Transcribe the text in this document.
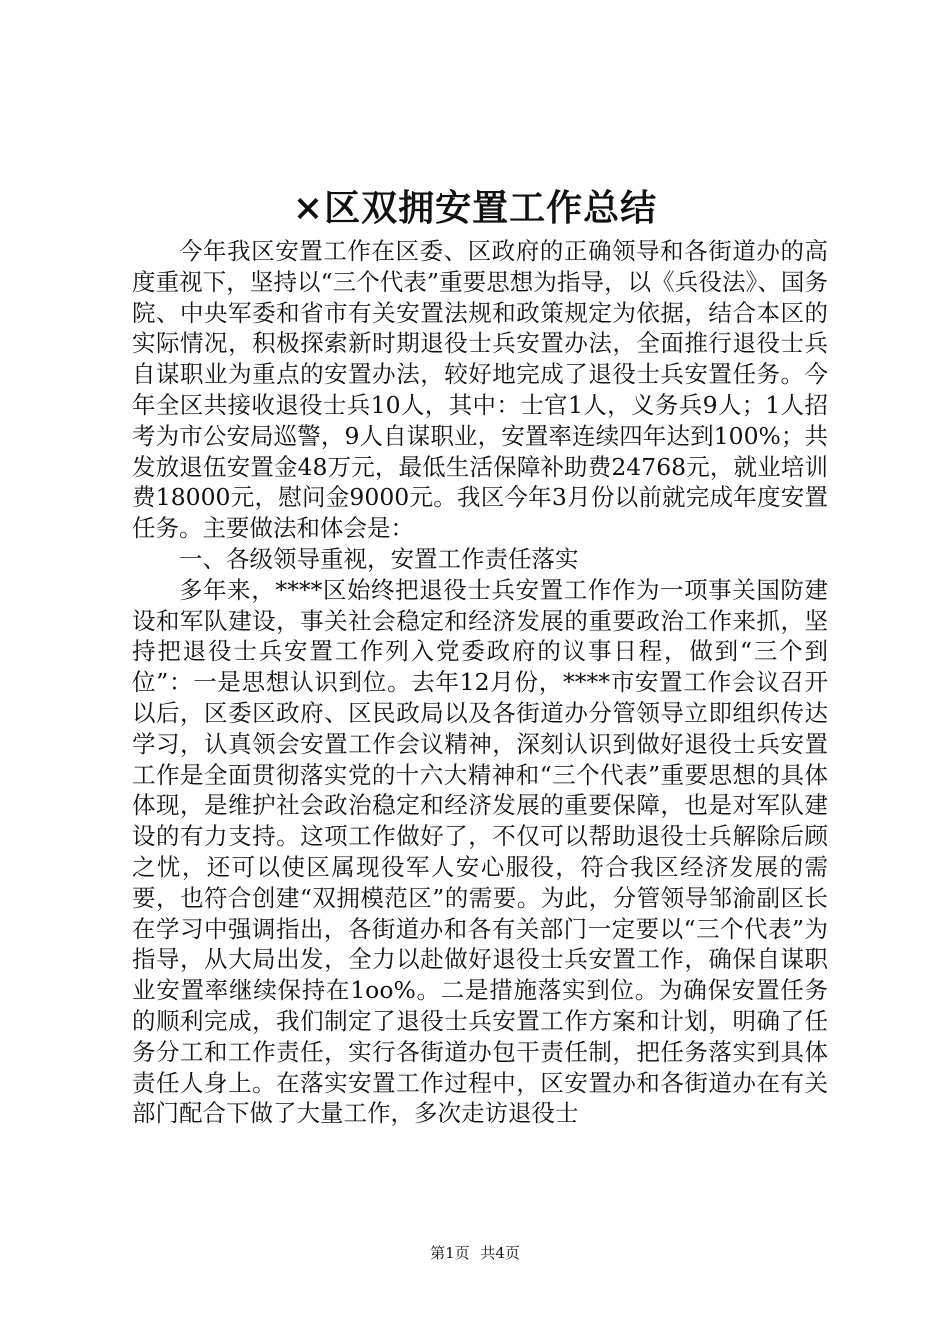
×区双拥安置工作总结

今年我区安置工作在区委、区政府的正确领导和各街道办的高度重视下，坚持以“三个代表”重要思想为指导，以《兵役法》、国务院、中央军委和省市有关安置法规和政策规定为依据，结合本区的实际情况，积极探索新时期退役士兵安置办法，全面推行退役士兵自谋职业为重点的安置办法，较好地完成了退役士兵安置任务。今年全区共接收退役士兵10人，其中：士官1人，义务兵9人；1人招考为市公安局巡警，9人自谋职业，安置率连续四年达到100%；共发放退伍安置金48万元，最低生活保障补助费24768元，就业培训费18000元，慰问金9000元。我区今年3月份以前就完成年度安置任务。主要做法和体会是：

一、各级领导重视，安置工作责任落实

多年来，****区始终把退役士兵安置工作作为一项事关国防建设和军队建设，事关社会稳定和经济发展的重要政治工作来抓，坚持把退役士兵安置工作列入党委政府的议事日程，做到“三个到位”：一是思想认识到位。去年12月份，****市安置工作会议召开以后，区委区政府、区民政局以及各街道办分管领导立即组织传达学习，认真领会安置工作会议精神，深刻认识到做好退役士兵安置工作是全面贯彻落实党的十六大精神和“三个代表”重要思想的具体体现，是维护社会政治稳定和经济发展的重要保障，也是对军队建设的有力支持。这项工作做好了，不仅可以帮助退役士兵解除后顾之忧，还可以使区属现役军人安心服役，符合我区经济发展的需要，也符合创建“双拥模范区”的需要。为此，分管领导邹渝副区长在学习中强调指出，各街道办和各有关部门一定要以“三个代表”为指导，从大局出发，全力以赴做好退役士兵安置工作，确保自谋职业安置率继续保持在1oo%。二是措施落实到位。为确保安置任务的顺利完成，我们制定了退役士兵安置工作方案和计划，明确了任务分工和工作责任，实行各街道办包干责任制，把任务落实到具体责任人身上。在落实安置工作过程中，区安置办和各街道办在有关部门配合下做了大量工作，多次走访退役士

第1页 共4页
